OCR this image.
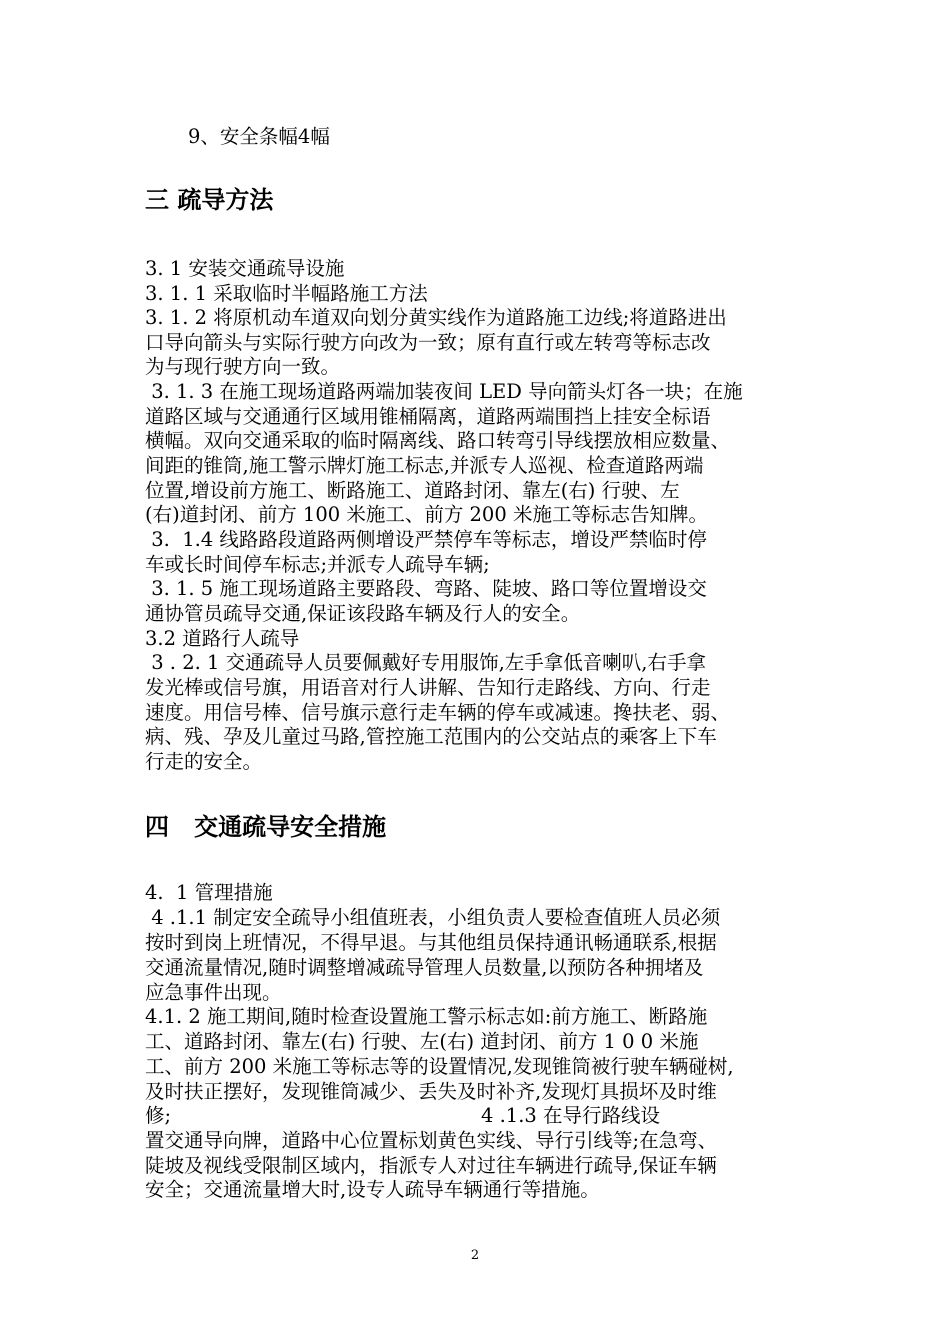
9、安全条幅4幅
三 疏导方法
3. 1 安装交通疏导设施
3. 1. 1 采取临时半幅路施工方法
3. 1. 2 将原机动车道双向划分黄实线作为道路施工边线;将道路进出
口导向箭头与实际行驶方向改为一致；原有直行或左转弯等标志改
为与现行驶方向一致。
3. 1. 3 在施工现场道路两端加装夜间 LED 导向箭头灯各一块；在施
道路区域与交通通行区域用锥桶隔离，道路两端围挡上挂安全标语
横幅。双向交通采取的临时隔离线、路口转弯引导线摆放相应数量、
间距的锥筒,施工警示牌灯施工标志,并派专人巡视、检查道路两端
位置,增设前方施工、断路施工、道路封闭、靠左(右) 行驶、左
(右)道封闭、前方 100 米施工、前方 200 米施工等标志告知牌。
3.  1.4 线路路段道路两侧增设严禁停车等标志，增设严禁临时停
车或长时间停车标志;并派专人疏导车辆;
3. 1. 5 施工现场道路主要路段、弯路、陡坡、路口等位置增设交
通协管员疏导交通,保证该段路车辆及行人的安全。
3.2 道路行人疏导
3 . 2. 1 交通疏导人员要佩戴好专用服饰,左手拿低音喇叭,右手拿
发光棒或信号旗，用语音对行人讲解、告知行走路线、方向、行走
速度。用信号棒、信号旗示意行走车辆的停车或减速。搀扶老、弱、
病、残、孕及儿童过马路,管控施工范围内的公交站点的乘客上下车
行走的安全。
四   交通疏导安全措施
4.  1 管理措施
4 .1.1 制定安全疏导小组值班表，小组负责人要检查值班人员必须
按时到岗上班情况，不得早退。与其他组员保持通讯畅通联系,根据
交通流量情况,随时调整增减疏导管理人员数量,以预防各种拥堵及
应急事件出现。
4.1. 2 施工期间,随时检查设置施工警示标志如:前方施工、断路施
工、道路封闭、靠左(右) 行驶、左(右) 道封闭、前方 1 0 0 米施
工、前方 200 米施工等标志等的设置情况,发现锥筒被行驶车辆碰树,
及时扶正摆好，发现锥筒减少、丢失及时补齐,发现灯具损坏及时维
修;                                                  4 .1.3 在导行路线设
置交通导向牌，道路中心位置标划黄色实线、导行引线等;在急弯、
陡坡及视线受限制区域内，指派专人对过往车辆进行疏导,保证车辆
安全；交通流量增大时,设专人疏导车辆通行等措施。
2
